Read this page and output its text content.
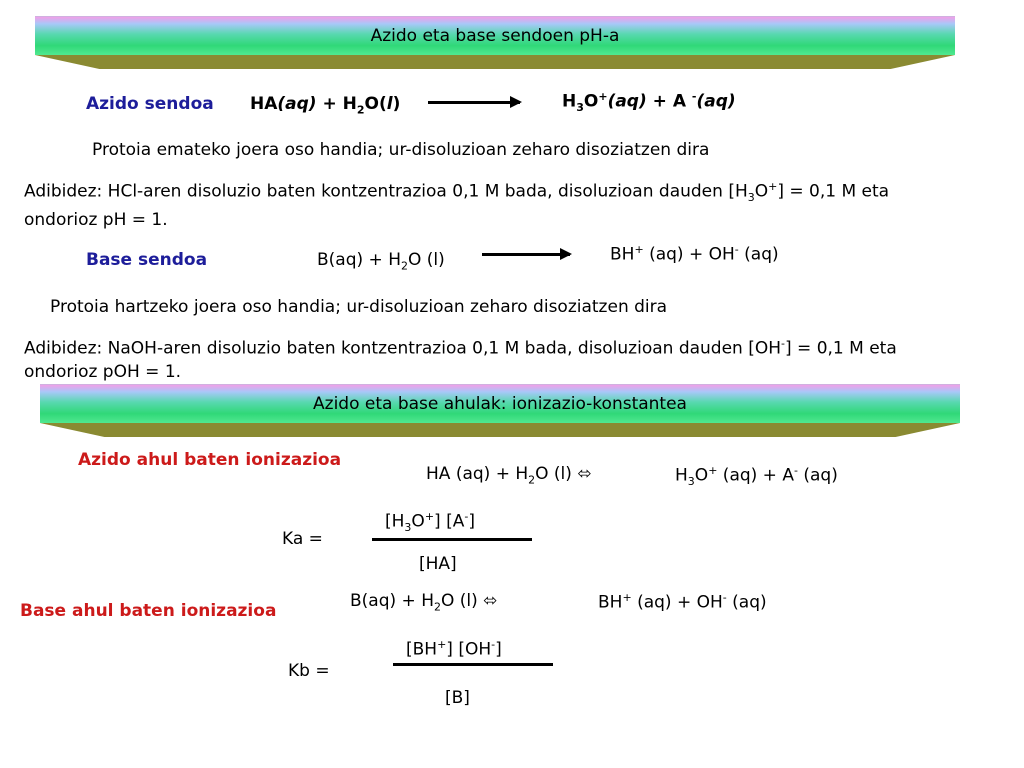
Azido eta base sendoen pH-a
Azido sendoa $HA(aq) + H_2O(l)$	$H_3O^+(aq) + A$ -(aq)
Protoia emateko joera oso handia; ur-disoluzioan zeharo disoziatzen dira
Adibidez: HCl-aren disoluzio baten kontzentrazioa 0,1 M bada, disoluzioan dauden $[H_3O^+] = 0,1$ M eta
ondorioz pH = 1.
Base sendoa	$B(aq) + H_2O$ (l)	BH+ (aq) + OH- (aq)
Protoia hartzeko joera oso handia; ur-disoluzioan zeharo disoziatzen dira
Adibidez: NaOH-aren disoluzio baten kontzentrazioa 0,1 M bada, disoluzioan dauden [OH-] = 0,1 M eta
ondorioz pOH = 1.
Azido eta base ahulak: ionizazio-konstantea
Azido ahul baten ionizazioa
HA $(aq) + H_2O$ (l) ⬄	$H_3O^+$ (aq) + A- (aq)
$[H_3O^+]$ [A-]
Ka =
[HA]
$B(aq) + H_2O$ (l) ⬄	BH+ (aq) + OH- (aq)
Base ahul baten ionizazioa
[BH+] [OH-]
Kb =
[B]
